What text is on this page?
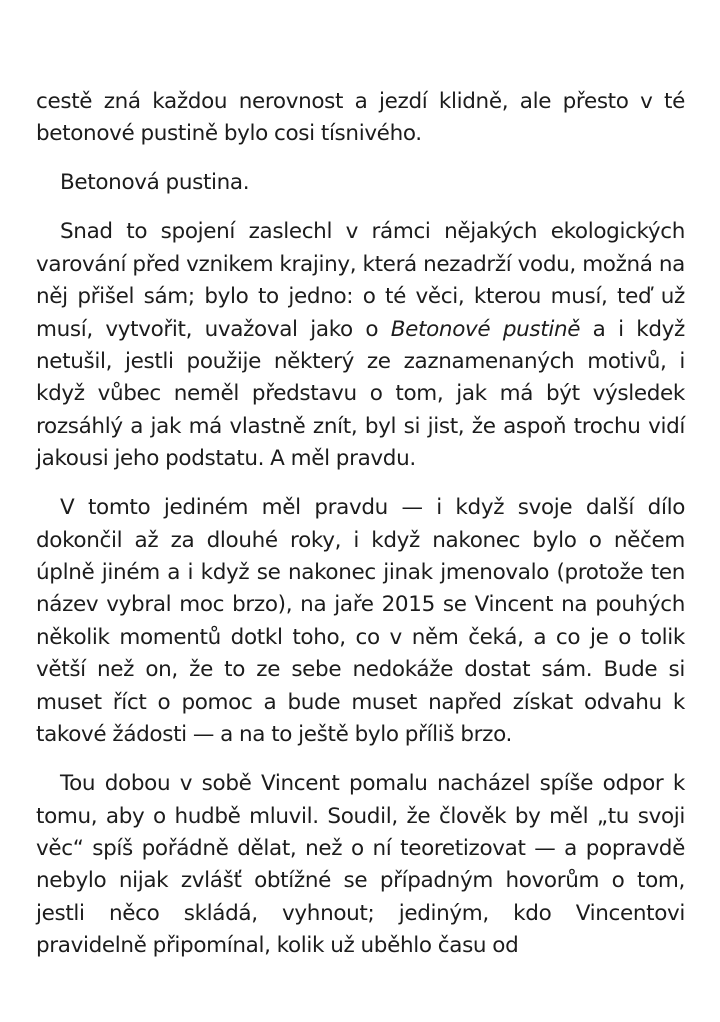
cestě zná každou nerovnost a jezdí klidně, ale přesto v té betonové pustině bylo cosi tísnivého.

Betonová pustina.

Snad to spojení zaslechl v rámci nějakých ekologických varování před vznikem krajiny, která nezadrží vodu, možná na něj přišel sám; bylo to jedno: o té věci, kterou musí, teď už musí, vytvořit, uvažoval jako o Betonové pustině a i když netušil, jestli použije některý ze zaznamenaných motivů, i když vůbec neměl představu o tom, jak má být výsledek rozsáhlý a jak má vlastně znít, byl si jist, že aspoň trochu vidí jakousi jeho podstatu. A měl pravdu.

V tomto jediném měl pravdu — i když svoje další dílo dokončil až za dlouhé roky, i když nakonec bylo o něčem úplně jiném a i když se nakonec jinak jmenovalo (protože ten název vybral moc brzo), na jaře 2015 se Vincent na pouhých několik momentů dotkl toho, co v něm čeká, a co je o tolik větší než on, že to ze sebe nedokáže dostat sám. Bude si muset říct o pomoc a bude muset napřed získat odvahu k takové žádosti — a na to ještě bylo příliš brzo.

Tou dobou v sobě Vincent pomalu nacházel spíše odpor k tomu, aby o hudbě mluvil. Soudil, že člověk by měl „tu svoji věc“ spíš pořádně dělat, než o ní teoretizovat — a popravdě nebylo nijak zvlášť obtížné se případným hovorům o tom, jestli něco skládá, vyhnout; jediným, kdo Vincentovi pravidelně připomínal, kolik už uběhlo času od
